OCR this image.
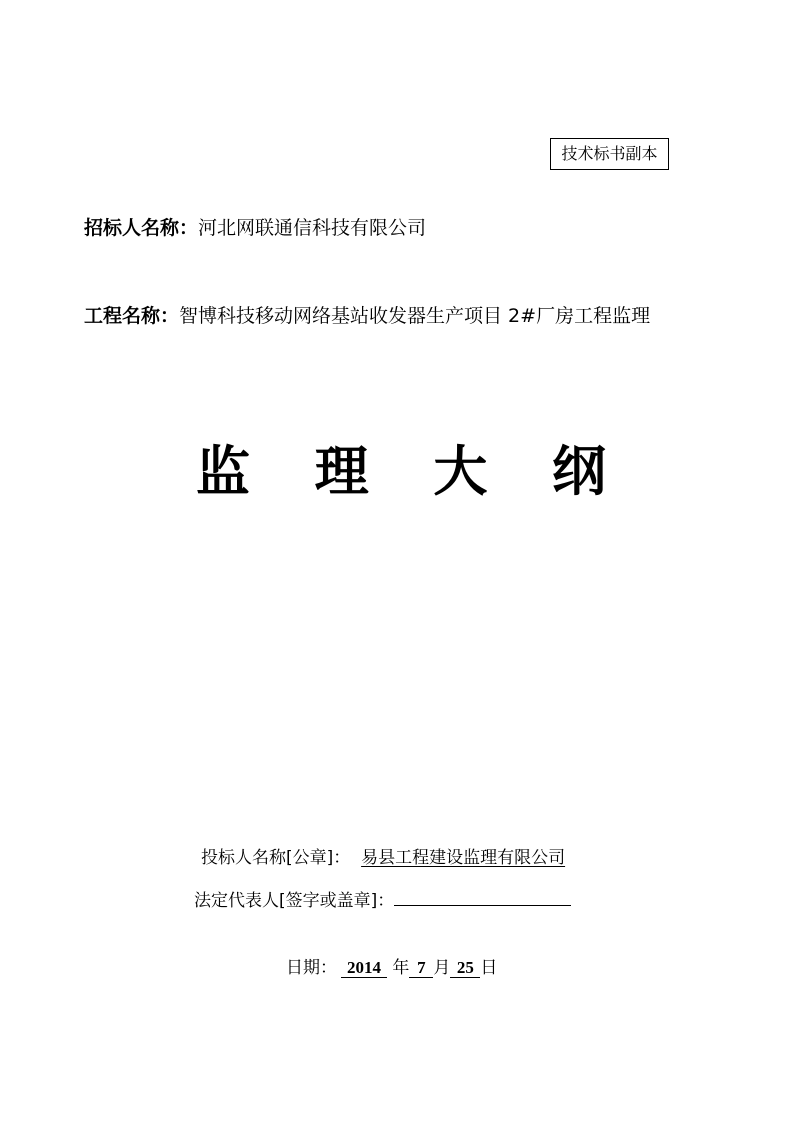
技术标书副本
招标人名称：河北网联通信科技有限公司
工程名称：智博科技移动网络基站收发器生产项目 2#厂房工程监理
监 理 大 纲
投标人名称[公章]： 易县工程建设监理有限公司
法定代表人[签字或盖章]：
日期： 2014 年 7 月 25 日
